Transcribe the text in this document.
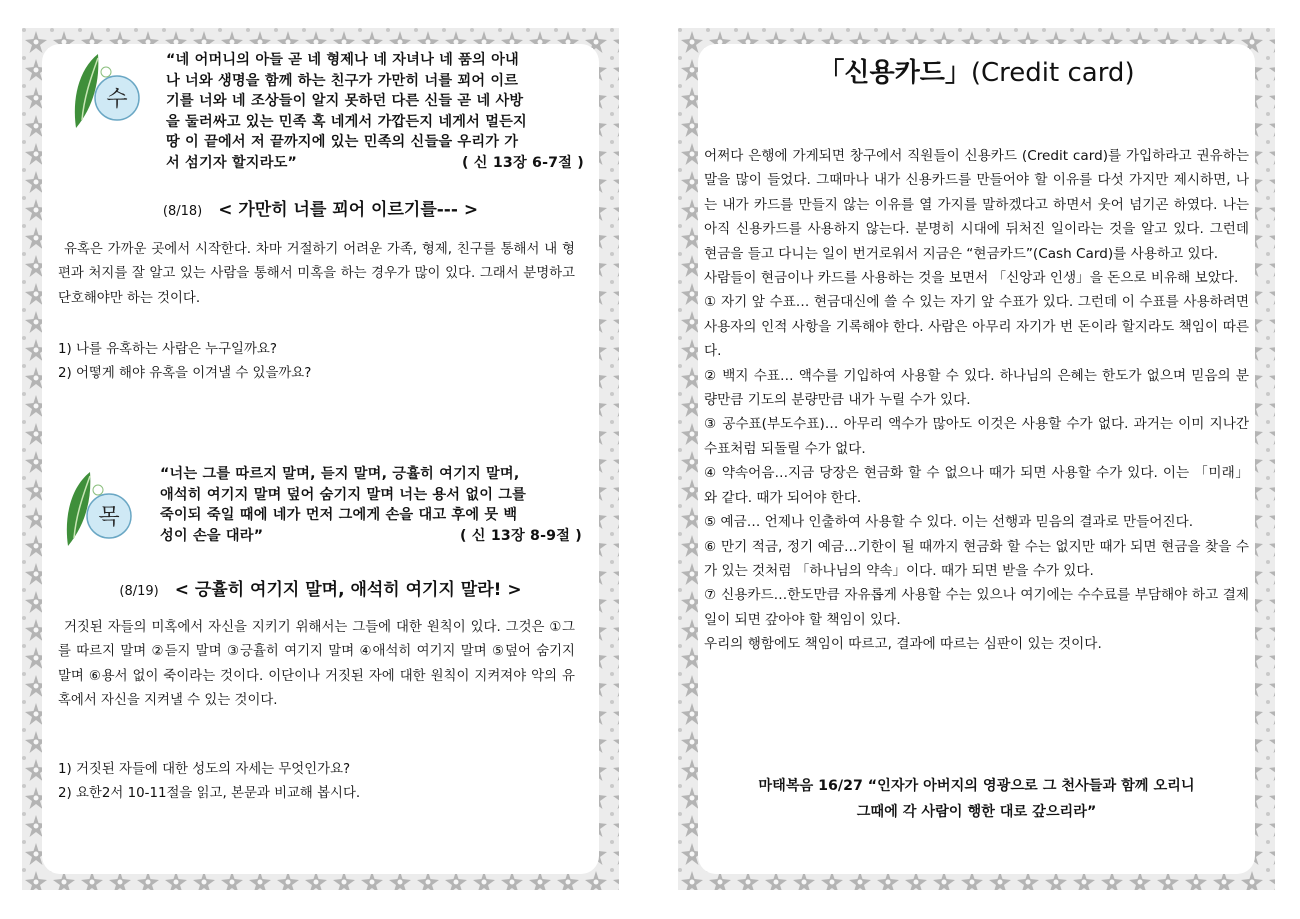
수
“네 어머니의 아들 곧 네 형제나 네 자녀나 네 품의 아내
나 너와 생명을 함께 하는 친구가 가만히 너를 꾀어 이르
기를 너와 네 조상들이 알지 못하던 다른 신들 곧 네 사방
을 둘러싸고 있는 민족 혹 네게서 가깝든지 네게서 멀든지
땅 이 끝에서 저 끝까지에 있는 민족의 신들을 우리가 가
서 섬기자 할지라도”	( 신 13장 6-7절 )
(8/18) < 가만히 너를 꾀어 이르기를--- >
유혹은 가까운 곳에서 시작한다. 차마 거절하기 어려운 가족, 형제, 친구를 통해서 내 형편과 처지를 잘 알고 있는 사람을 통해서 미혹을 하는 경우가 많이 있다. 그래서 분명하고 단호해야만 하는 것이다.
1) 나를 유혹하는 사람은 누구일까요?
2) 어떻게 해야 유혹을 이겨낼 수 있을까요?
목
“너는 그를 따르지 말며, 듣지 말며, 긍휼히 여기지 말며,
애석히 여기지 말며 덮어 숨기지 말며 너는 용서 없이 그를
죽이되 죽일 때에 네가 먼저 그에게 손을 대고 후에 뭇 백
성이 손을 대라”	( 신 13장 8-9절 )
(8/19) < 긍휼히 여기지 말며, 애석히 여기지 말라! >
거짓된 자들의 미혹에서 자신을 지키기 위해서는 그들에 대한 원칙이 있다. 그것은 ①그를 따르지 말며 ②듣지 말며 ③긍휼히 여기지 말며 ④애석히 여기지 말며 ⑤덮어 숨기지 말며 ⑥용서 없이 죽이라는 것이다. 이단이나 거짓된 자에 대한 원칙이 지켜져야 악의 유혹에서 자신을 지켜낼 수 있는 것이다.
1) 거짓된 자들에 대한 성도의 자세는 무엇인가요?
2) 요한2서 10-11절을 읽고, 본문과 비교해 봅시다.
「신용카드」(Credit card)
어쩌다 은행에 가게되면 창구에서 직원들이 신용카드 (Credit card)를 가입하라고 권유하는 말을 많이 들었다. 그때마나 내가 신용카드를 만들어야 할 이유를 다섯 가지만 제시하면, 나는 내가 카드를 만들지 않는 이유를 열 가지를 말하겠다고 하면서 웃어 넘기곤 하였다. 나는 아직 신용카드를 사용하지 않는다. 분명히 시대에 뒤처진 일이라는 것을 알고 있다. 그런데 현금을 들고 다니는 일이 번거로워서 지금은 “현금카드”(Cash Card)를 사용하고 있다.
사람들이 현금이나 카드를 사용하는 것을 보면서 「신앙과 인생」을 돈으로 비유해 보았다.
① 자기 앞 수표… 현금대신에 쓸 수 있는 자기 앞 수표가 있다. 그런데 이 수표를 사용하려면 사용자의 인적 사항을 기록해야 한다. 사람은 아무리 자기가 번 돈이라 할지라도 책임이 따른다.
② 백지 수표… 액수를 기입하여 사용할 수 있다. 하나님의 은혜는 한도가 없으며 믿음의 분량만큼 기도의 분량만큼 내가 누릴 수가 있다.
③ 공수표(부도수표)… 아무리 액수가 많아도 이것은 사용할 수가 없다. 과거는 이미 지나간 수표처럼 되돌릴 수가 없다.
④ 약속어음…지금 당장은 현금화 할 수 없으나 때가 되면 사용할 수가 있다. 이는 「미래」와 같다. 때가 되어야 한다.
⑤ 예금… 언제나 인출하여 사용할 수 있다. 이는 선행과 믿음의 결과로 만들어진다.
⑥ 만기 적금, 정기 예금…기한이 될 때까지 현금화 할 수는 없지만 때가 되면 현금을 찾을 수가 있는 것처럼 「하나님의 약속」이다. 때가 되면 받을 수가 있다.
⑦ 신용카드…한도만큼 자유롭게 사용할 수는 있으나 여기에는 수수료를 부담해야 하고 결제일이 되면 갚아야 할 책임이 있다.
우리의 행함에도 책임이 따르고, 결과에 따르는 심판이 있는 것이다.
마태복음 16/27 “인자가 아버지의 영광으로 그 천사들과 함께 오리니
그때에 각 사람이 행한 대로 갚으리라”
